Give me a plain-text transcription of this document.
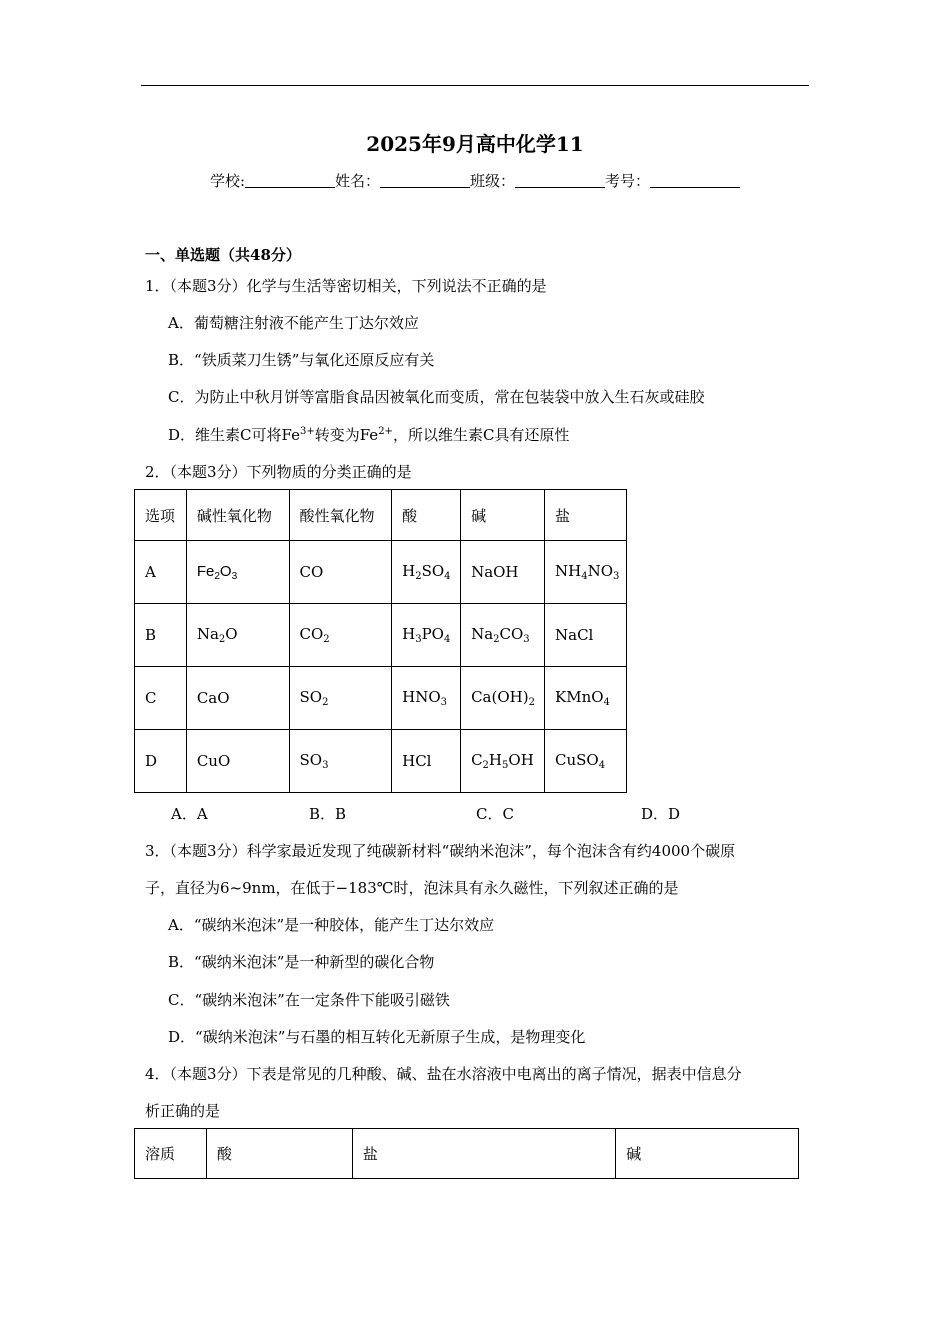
2025年9月高中化学11
学校:	姓名：	班级：	考号：
一、单选题（共48分）
1．（本题3分）化学与生活等密切相关，下列说法不正确的是
A．葡萄糖注射液不能产生丁达尔效应
B．“铁质菜刀生锈”与氧化还原反应有关
C．为防止中秋月饼等富脂食品因被氧化而变质，常在包装袋中放入生石灰或硅胶
D．维生素C可将$Fe^{3+}$转变为$Fe^{2+}$，所以维生素C具有还原性
2．（本题3分）下列物质的分类正确的是
选项	碱性氧化物	酸性氧化物	酸	碱	盐
A	$Fe_2O_3$	CO	$H_2SO_4$	NaOH	$NH_4NO_3$
B	$Na_2O$	$CO_2$	$H_3PO_4$	$Na_2CO_3$	NaCl
C	CaO	$SO_2$	$HNO_3$	$Ca(OH)_2$	KMnO$_4$
D	CuO	$SO_3$	HCl	$C_2H_5OH$	CuSO$_4$
A．A	B．B	C．C	D．D
3．（本题3分）科学家最近发现了纯碳新材料“碳纳米泡沫”，每个泡沫含有约4000个碳原
子，直径为6~9nm，在低于−183℃时，泡沫具有永久磁性，下列叙述正确的是
A．“碳纳米泡沫”是一种胶体，能产生丁达尔效应
B．“碳纳米泡沫”是一种新型的碳化合物
C．“碳纳米泡沫”在一定条件下能吸引磁铁
D．“碳纳米泡沫”与石墨的相互转化无新原子生成，是物理变化
4．（本题3分）下表是常见的几种酸、碱、盐在水溶液中电离出的离子情况，据表中信息分
析正确的是
溶质	酸	盐	碱
